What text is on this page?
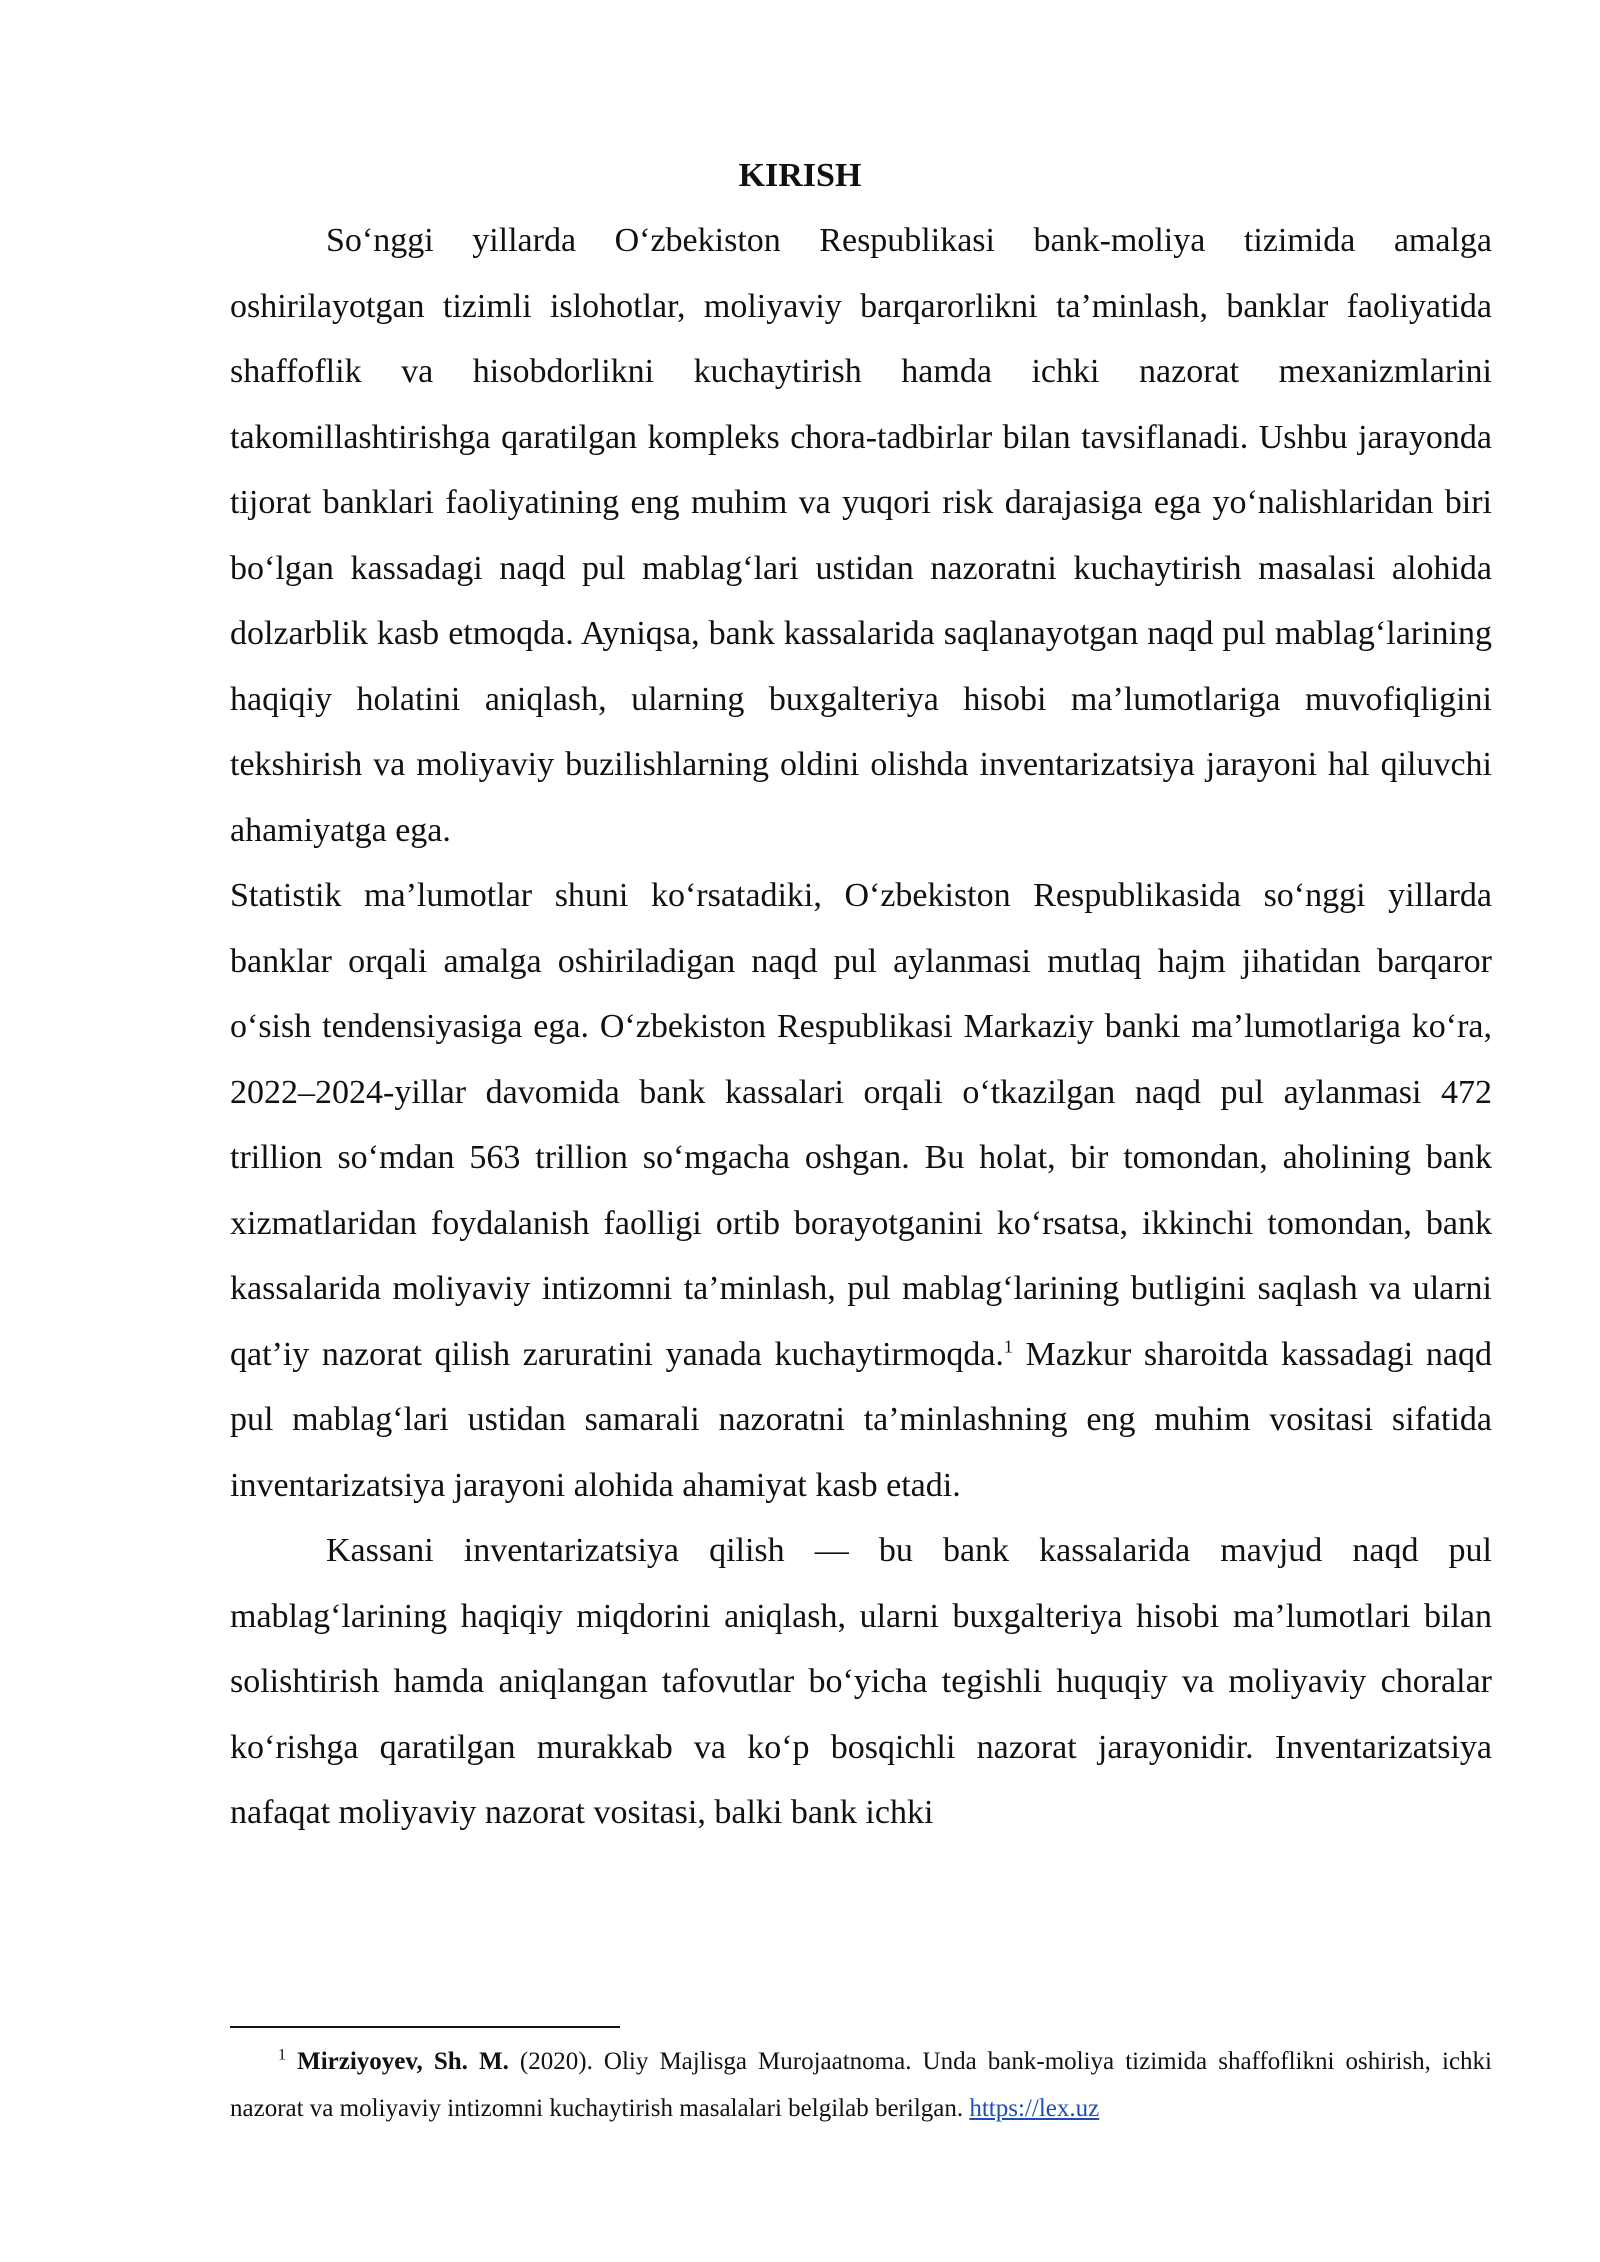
KIRISH

So‘nggi yillarda O‘zbekiston Respublikasi bank-moliya tizimida amalga oshirilayotgan tizimli islohotlar, moliyaviy barqarorlikni ta’minlash, banklar faoliyatida shaffoflik va hisobdorlikni kuchaytirish hamda ichki nazorat mexanizmlarini takomillashtirishga qaratilgan kompleks chora-tadbirlar bilan tavsiflanadi. Ushbu jarayonda tijorat banklari faoliyatining eng muhim va yuqori risk darajasiga ega yo‘nalishlaridan biri bo‘lgan kassadagi naqd pul mablag‘lari ustidan nazoratni kuchaytirish masalasi alohida dolzarblik kasb etmoqda. Ayniqsa, bank kassalarida saqlanayotgan naqd pul mablag‘larining haqiqiy holatini aniqlash, ularning buxgalteriya hisobi ma’lumotlariga muvofiqligini tekshirish va moliyaviy buzilishlarning oldini olishda inventarizatsiya jarayoni hal qiluvchi ahamiyatga ega.

Statistik ma’lumotlar shuni ko‘rsatadiki, O‘zbekiston Respublikasida so‘nggi yillarda banklar orqali amalga oshiriladigan naqd pul aylanmasi mutlaq hajm jihatidan barqaror o‘sish tendensiyasiga ega. O‘zbekiston Respublikasi Markaziy banki ma’lumotlariga ko‘ra, 2022–2024-yillar davomida bank kassalari orqali o‘tkazilgan naqd pul aylanmasi 472 trillion so‘mdan 563 trillion so‘mgacha oshgan. Bu holat, bir tomondan, aholining bank xizmatlaridan foydalanish faolligi ortib borayotganini ko‘rsatsa, ikkinchi tomondan, bank kassalarida moliyaviy intizomni ta’minlash, pul mablag‘larining butligini saqlash va ularni qat’iy nazorat qilish zaruratini yanada kuchaytirmoqda.$^1$ Mazkur sharoitda kassadagi naqd pul mablag‘lari ustidan samarali nazoratni ta’minlashning eng muhim vositasi sifatida inventarizatsiya jarayoni alohida ahamiyat kasb etadi.

Kassani inventarizatsiya qilish — bu bank kassalarida mavjud naqd pul mablag‘larining haqiqiy miqdorini aniqlash, ularni buxgalteriya hisobi ma’lumotlari bilan solishtirish hamda aniqlangan tafovutlar bo‘yicha tegishli huquqiy va moliyaviy choralar ko‘rishga qaratilgan murakkab va ko‘p bosqichli nazorat jarayonidir. Inventarizatsiya nafaqat moliyaviy nazorat vositasi, balki bank ichki

$^1$ Mirziyoyev, Sh. M. (2020). Oliy Majlisga Murojaatnoma. Unda bank-moliya tizimida shaffoflikni oshirish, ichki nazorat va moliyaviy intizomni kuchaytirish masalalari belgilab berilgan. https://lex.uz
